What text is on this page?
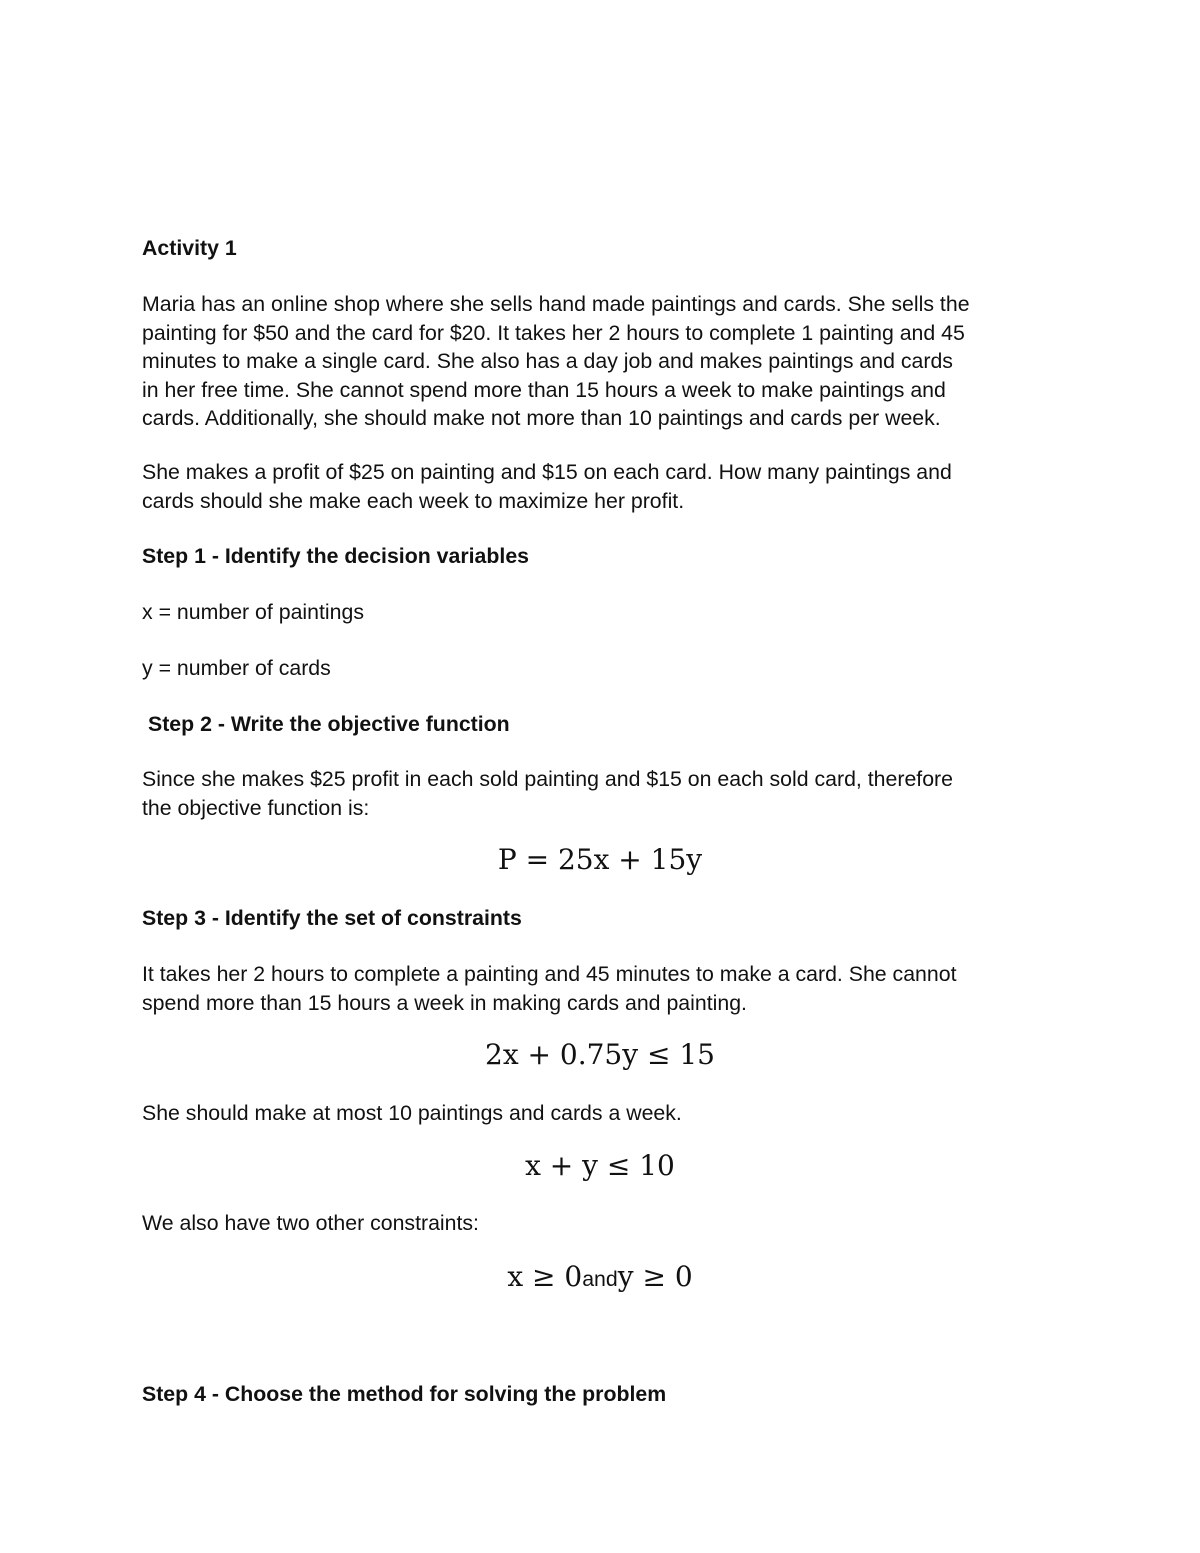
Activity 1

Maria has an online shop where she sells hand made paintings and cards. She sells the
painting for $50 and the card for $20. It takes her 2 hours to complete 1 painting and 45
minutes to make a single card. She also has a day job and makes paintings and cards
in her free time. She cannot spend more than 15 hours a week to make paintings and
cards. Additionally, she should make not more than 10 paintings and cards per week.
She makes a profit of $25 on painting and $15 on each card. How many paintings and
cards should she make each week to maximize her profit.

Step 1 - Identify the decision variables

x = number of paintings

y = number of cards

Step 2 - Write the objective function

Since she makes $25 profit in each sold painting and $15 on each sold card, therefore
the objective function is:
P = 25x + 15y

Step 3 - Identify the set of constraints

It takes her 2 hours to complete a painting and 45 minutes to make a card. She cannot
spend more than 15 hours a week in making cards and painting.
2x + 0.75y ≤ 15

She should make at most 10 paintings and cards a week.

x + y ≤ 10

We also have two other constraints:

x ≥ 0andy ≥ 0

Step 4 - Choose the method for solving the problem
